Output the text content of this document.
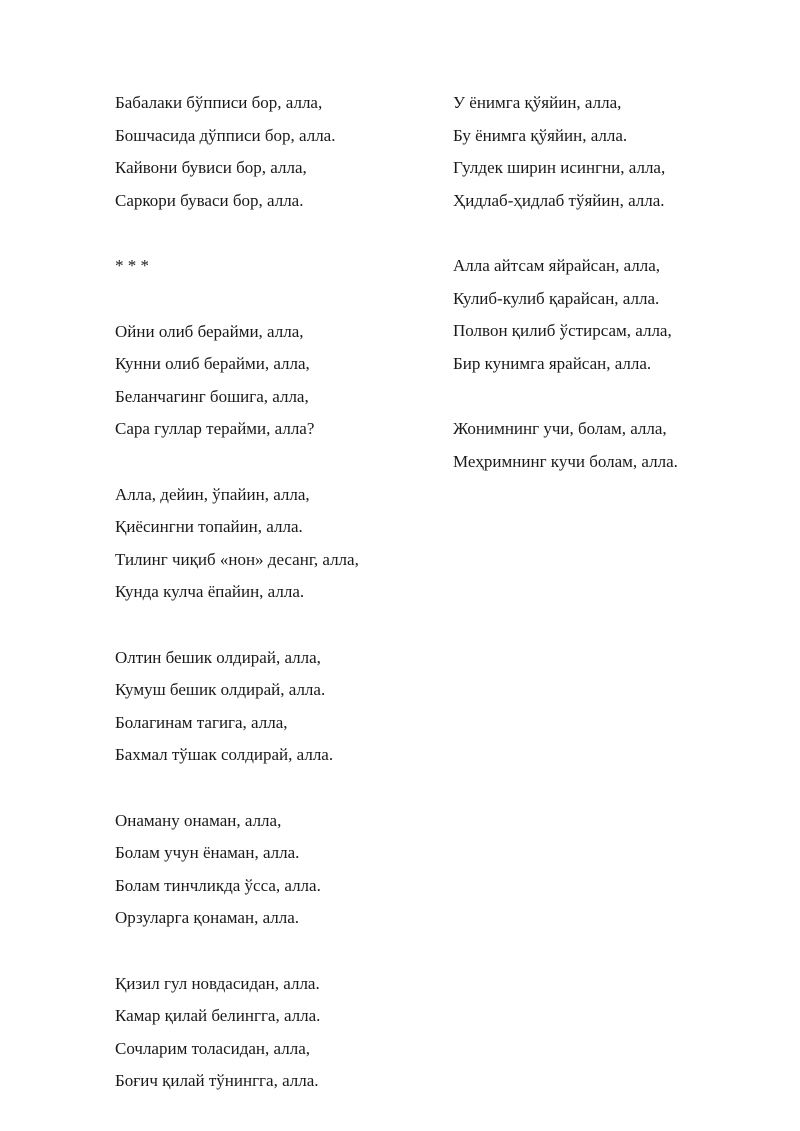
Бабалаки бўпписи бор, алла,
Бошчасида дўпписи бор, алла.
Кайвони бувиси бор, алла,
Саркори буваси бор, алла.
* * *
Ойни олиб берайми, алла,
Кунни олиб берайми, алла,
Беланчагинг бошига, алла,
Сара гуллар терайми, алла?
Алла, дейин, ўпайин, алла,
Қиёсингни топайин, алла.
Тилинг чиқиб «нон» десанг, алла,
Кунда кулча ёпайин, алла.
Олтин бешик олдирай, алла,
Кумуш бешик олдирай, алла.
Болагинам тагига, алла,
Бахмал тўшак солдирай, алла.
Онаману онаман, алла,
Болам учун ёнаман, алла.
Болам тинчликда ўсса, алла.
Орзуларга қонаман, алла.
Қизил гул новдасидан, алла.
Камар қилай белингга, алла.
Сочларим толасидан, алла,
Боғич қилай тўнингга, алла.
У ёнимга қўяйин, алла,
Бу ёнимга қўяйин, алла.
Гулдек ширин исингни, алла,
Ҳидлаб-ҳидлаб тўяйин, алла.
Алла айтсам яйрайсан, алла,
Кулиб-кулиб қарайсан, алла.
Полвон қилиб ўстирсам, алла,
Бир кунимга ярайсан, алла.
Жонимнинг учи, болам, алла,
Меҳримнинг кучи болам, алла.
